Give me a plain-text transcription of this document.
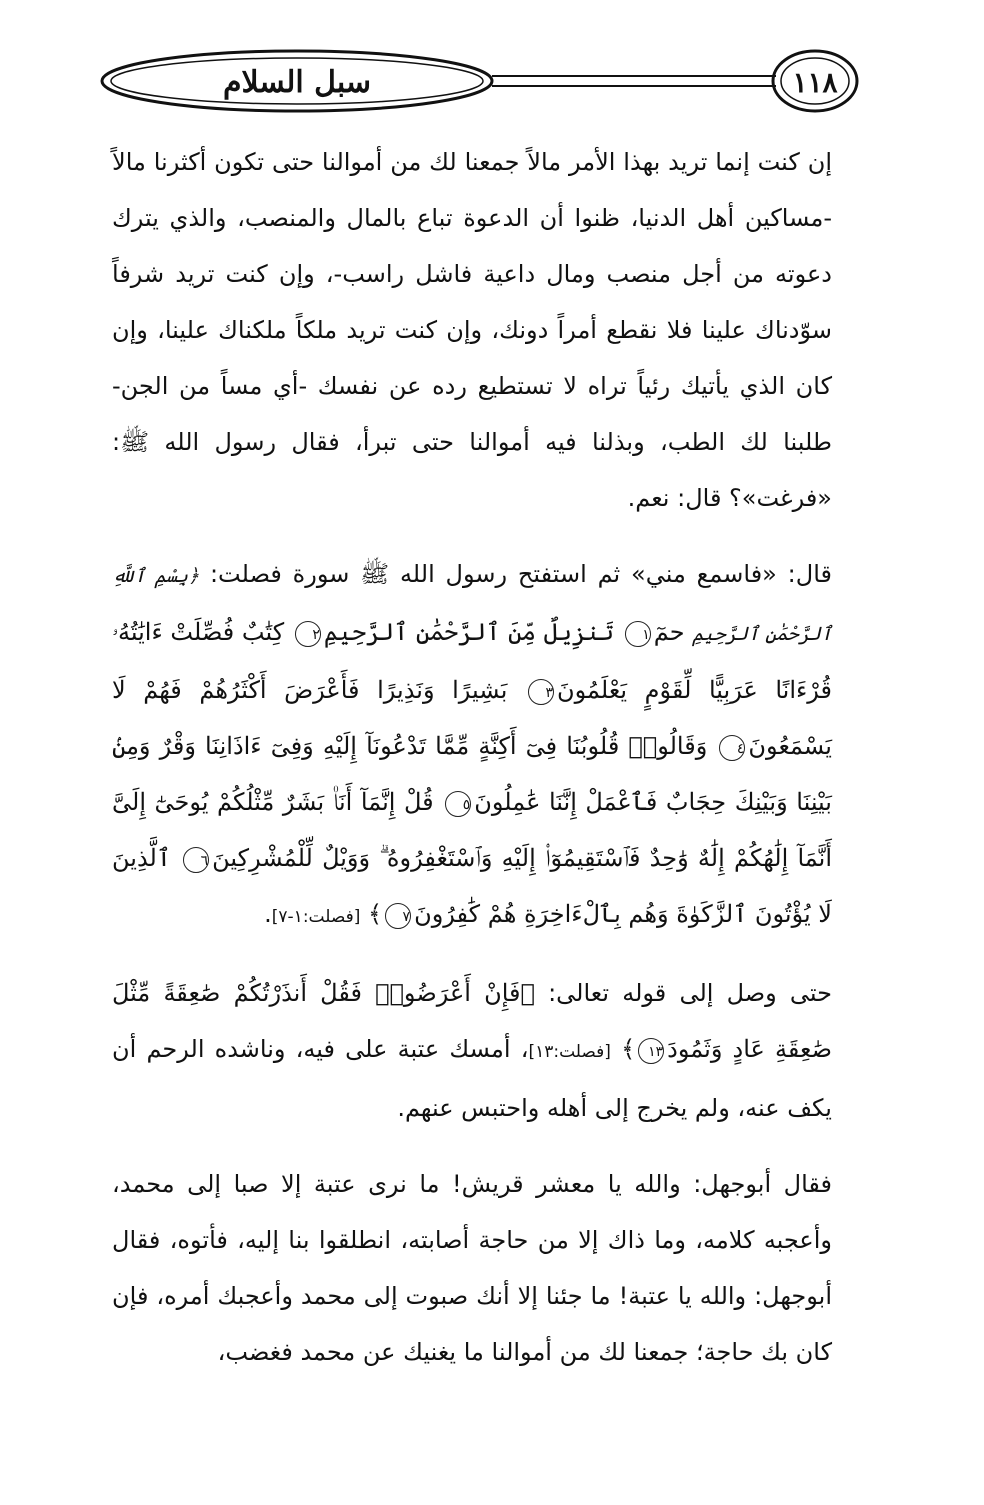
سبل السلام	١١٨

إن كنت إنما تريد بهذا الأمر مالاً جمعنا لك من أموالنا حتى تكون أكثرنا مالاً -مساكين أهل الدنيا، ظنوا أن الدعوة تباع بالمال والمنصب، والذي يترك دعوته من أجل منصب ومال داعية فاشل راسب-، وإن كنت تريد شرفاً سوّدناك علينا فلا نقطع أمراً دونك، وإن كنت تريد ملكاً ملكناك علينا، وإن كان الذي يأتيك رئياً تراه لا تستطيع رده عن نفسك -أي مساً من الجن- طلبنا لك الطب، وبذلنا فيه أموالنا حتى تبرأ، فقال رسول الله ﷺ: «فرغت»؟ قال: نعم.

قال: «فاسمع مني» ثم استفتح رسول الله ﷺ سورة فصلت: ﴿بِسْمِ ٱللَّهِ ٱلرَّحْمَٰنِ ٱلرَّحِيمِ حمٓ١ تَنزِيلٌ مِّنَ ٱلرَّحْمَٰنِ ٱلرَّحِيمِ٢ كِتَٰبٌ فُصِّلَتْ ءَايَٰتُهُۥ قُرْءَانًا عَرَبِيًّا لِّقَوْمٍ يَعْلَمُونَ٣ بَشِيرًا وَنَذِيرًا فَأَعْرَضَ أَكْثَرُهُمْ فَهُمْ لَا يَسْمَعُونَ٤ وَقَالُوا۟ قُلُوبُنَا فِىٓ أَكِنَّةٍ مِّمَّا تَدْعُونَآ إِلَيْهِ وَفِىٓ ءَاذَانِنَا وَقْرٌ وَمِنۢ بَيْنِنَا وَبَيْنِكَ حِجَابٌ فَٱعْمَلْ إِنَّنَا عَٰمِلُونَ٥ قُلْ إِنَّمَآ أَنَا۠ بَشَرٌ مِّثْلُكُمْ يُوحَىٰٓ إِلَىَّ أَنَّمَآ إِلَٰهُكُمْ إِلَٰهٌ وَٰحِدٌ فَٱسْتَقِيمُوٓا۟ إِلَيْهِ وَٱسْتَغْفِرُوهُ ۗ وَوَيْلٌ لِّلْمُشْرِكِينَ٦ ٱلَّذِينَ لَا يُؤْتُونَ ٱلزَّكَوٰةَ وَهُم بِٱلْءَاخِرَةِ هُمْ كَٰفِرُونَ٧﴾ [فصلت:١-٧].

حتى وصل إلى قوله تعالى: ﴿فَإِنْ أَعْرَضُوا۟ فَقُلْ أَنذَرْتُكُمْ صَٰعِقَةً مِّثْلَ صَٰعِقَةِ عَادٍ وَثَمُودَ١٣﴾ [فصلت:١٣]، أمسك عتبة على فيه، وناشده الرحم أن يكف عنه، ولم يخرج إلى أهله واحتبس عنهم.

فقال أبوجهل: والله يا معشر قريش! ما نرى عتبة إلا صبا إلى محمد، وأعجبه كلامه، وما ذاك إلا من حاجة أصابته، انطلقوا بنا إليه، فأتوه، فقال أبوجهل: والله يا عتبة! ما جئنا إلا أنك صبوت إلى محمد وأعجبك أمره، فإن كان بك حاجة؛ جمعنا لك من أموالنا ما يغنيك عن محمد فغضب،
